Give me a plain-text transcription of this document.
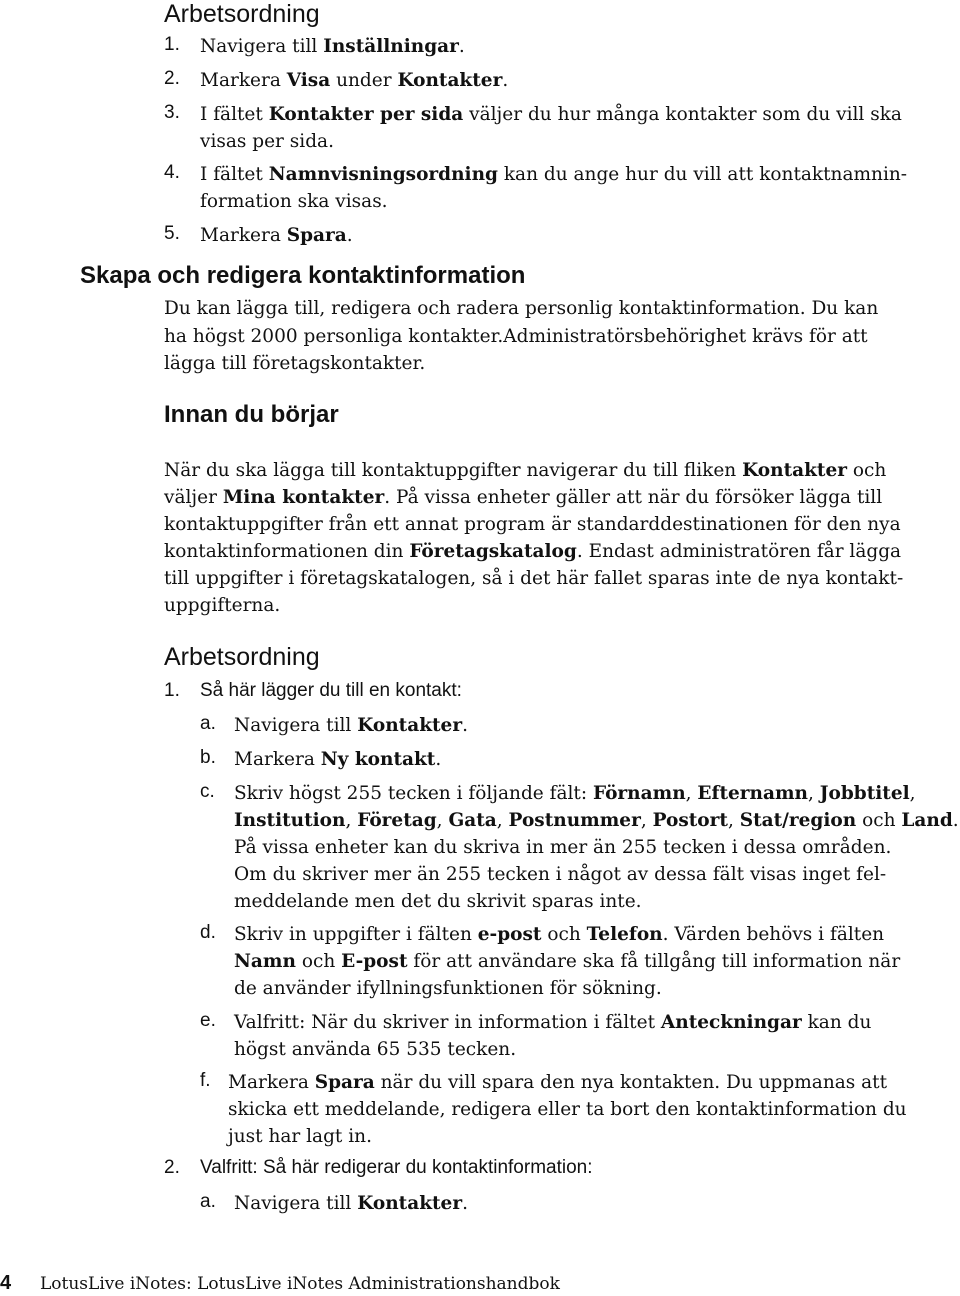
Arbetsordning
1. Navigera till Inställningar.
2. Markera Visa under Kontakter.
3. I fältet Kontakter per sida väljer du hur många kontakter som du vill ska
visas per sida.
4. I fältet Namnvisningsordning kan du ange hur du vill att kontaktnamnin-
formation ska visas.
5. Markera Spara.
Skapa och redigera kontaktinformation
Du kan lägga till, redigera och radera personlig kontaktinformation. Du kan
ha högst 2000 personliga kontakter.Administratörsbehörighet krävs för att
lägga till företagskontakter.
Innan du börjar
När du ska lägga till kontaktuppgifter navigerar du till fliken Kontakter och
väljer Mina kontakter. På vissa enheter gäller att när du försöker lägga till
kontaktuppgifter från ett annat program är standarddestinationen för den nya
kontaktinformationen din Företagskatalog. Endast administratören får lägga
till uppgifter i företagskatalogen, så i det här fallet sparas inte de nya kontakt-
uppgifterna.
Arbetsordning
1. Så här lägger du till en kontakt:
a. Navigera till Kontakter.
b. Markera Ny kontakt.
c. Skriv högst 255 tecken i följande fält: Förnamn, Efternamn, Jobbtitel,
Institution, Företag, Gata, Postnummer, Postort, Stat/region och Land.
På vissa enheter kan du skriva in mer än 255 tecken i dessa områden.
Om du skriver mer än 255 tecken i något av dessa fält visas inget fel-
meddelande men det du skrivit sparas inte.
d. Skriv in uppgifter i fälten e-post och Telefon. Värden behövs i fälten
Namn och E-post för att användare ska få tillgång till information när
de använder ifyllningsfunktionen för sökning.
e. Valfritt: När du skriver in information i fältet Anteckningar kan du
högst använda 65 535 tecken.
f. Markera Spara när du vill spara den nya kontakten. Du uppmanas att
skicka ett meddelande, redigera eller ta bort den kontaktinformation du
just har lagt in.
2. Valfritt: Så här redigerar du kontaktinformation:
a. Navigera till Kontakter.
4 LotusLive iNotes: LotusLive iNotes Administrationshandbok
